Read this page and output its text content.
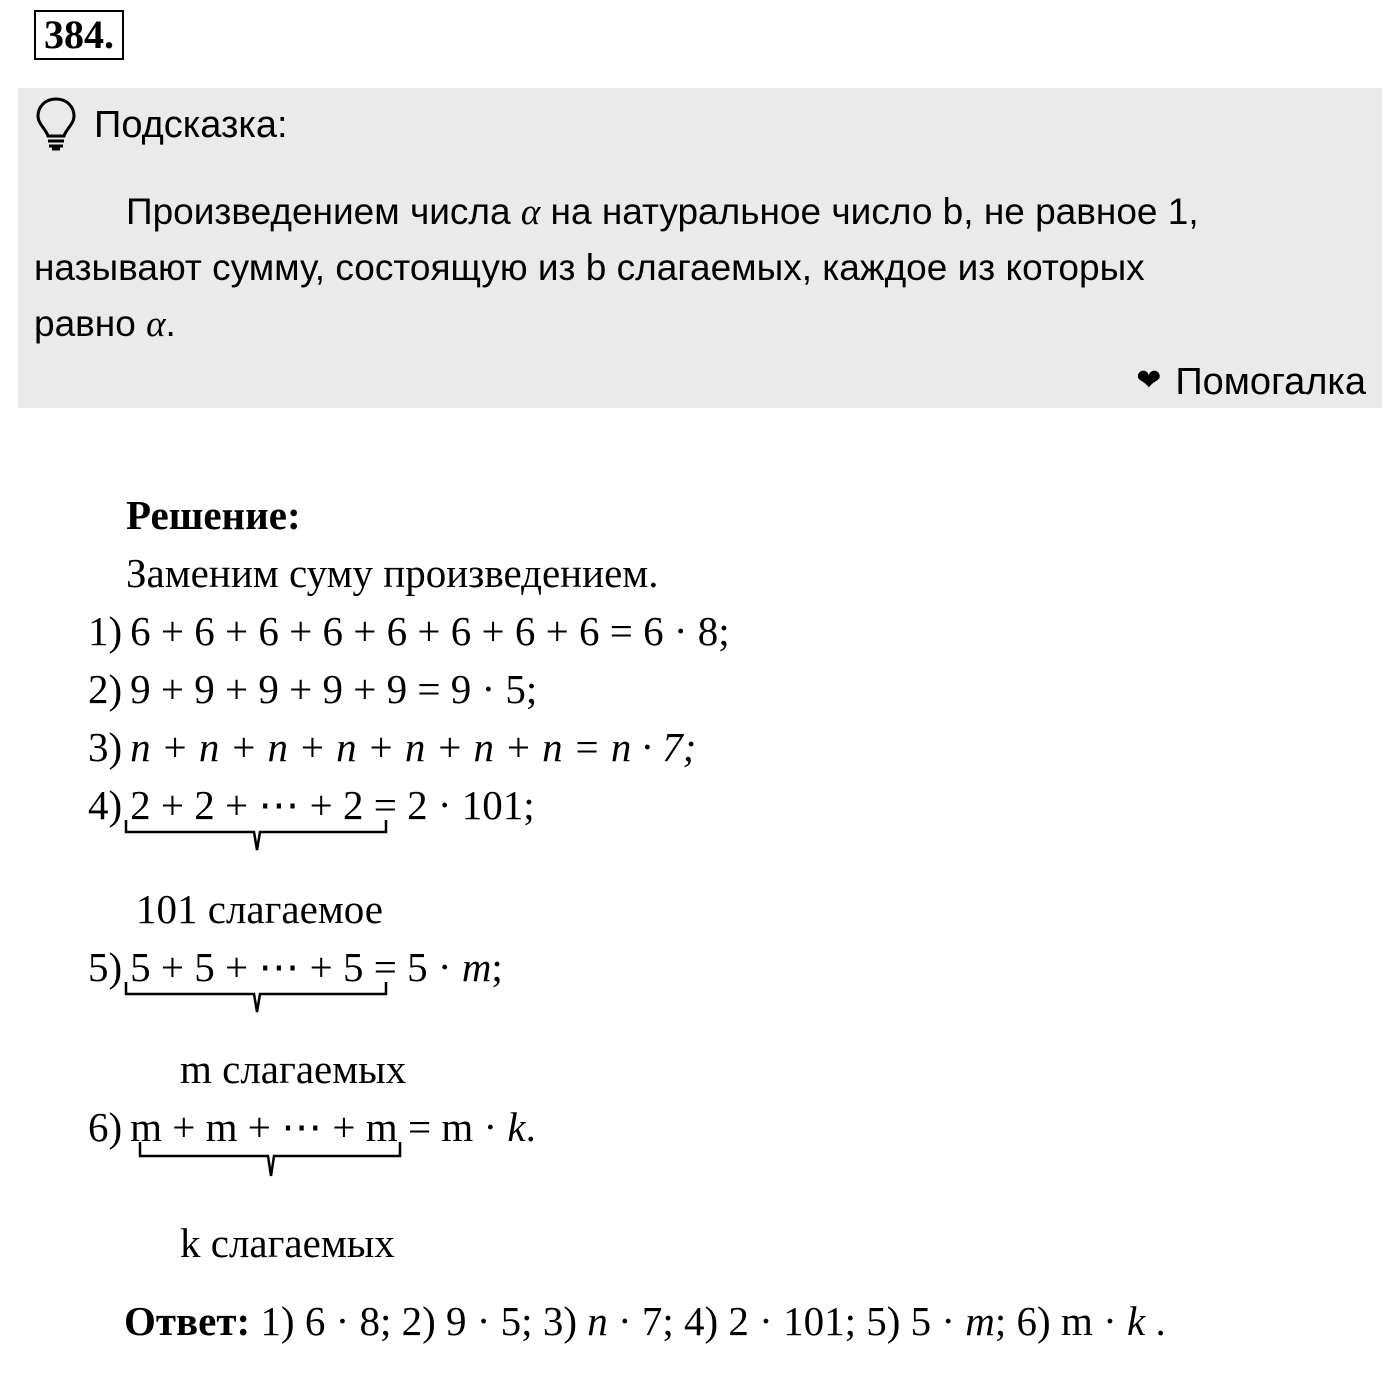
384.
Подсказка:
Произведением числа α на натуральное число b, не равное 1,
называют сумму, состоящую из b слагаемых, каждое из которых
равно α.
❤ Помогалка
Решение:
Заменим суму произведением.
1) 6 + 6 + 6 + 6 + 6 + 6 + 6 + 6 = 6 · 8;
2) 9 + 9 + 9 + 9 + 9 = 9 · 5;
3) n + n + n + n + n + n + n = n · 7;
4) 2 + 2 + ⋯ + 2 = 2 · 101;
101 слагаемое
5) 5 + 5 + ⋯ + 5 = 5 · m;
m слагаемых
6) m + m + ⋯ + m = m · k.
k слагаемых
Ответ: 1) 6 · 8; 2) 9 · 5; 3) n · 7; 4) 2 · 101; 5) 5 · m; 6) m · k .
